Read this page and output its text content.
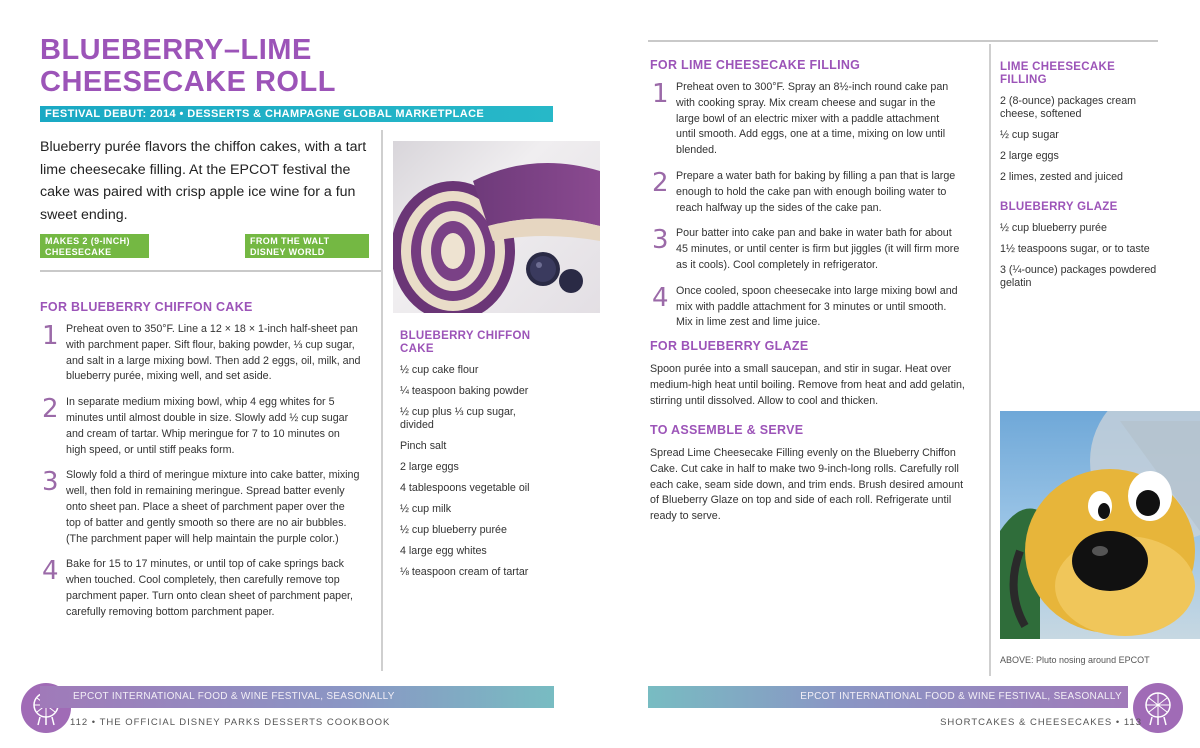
BLUEBERRY–LIME
CHEESECAKE ROLL
FESTIVAL DEBUT: 2014 • DESSERTS & CHAMPAGNE GLOBAL MARKETPLACE

Blueberry purée flavors the chiffon cakes, with a tart lime cheesecake filling. At the EPCOT festival the cake was paired with crisp apple ice wine for a fun sweet ending.

MAKES 2 (9-INCH)
CHEESECAKE ROLLS
FROM THE WALT
DISNEY WORLD RESORT
FOR BLUEBERRY CHIFFON CAKE
1 Preheat oven to 350°F. Line a 12 × 18 × 1-inch half-sheet pan with parchment paper. Sift flour, baking powder, ⅓ cup sugar, and salt in a large mixing bowl. Then add 2 eggs, oil, milk, and blueberry purée, mixing well, and set aside.
2 In separate medium mixing bowl, whip 4 egg whites for 5 minutes until almost double in size. Slowly add ½ cup sugar and cream of tartar. Whip meringue for 7 to 10 minutes on high speed, or until stiff peaks form.
3 Slowly fold a third of meringue mixture into cake batter, mixing well, then fold in remaining meringue. Spread batter evenly onto sheet pan. Place a sheet of parchment paper over the top of batter and gently smooth so there are no air bubbles. (The parchment paper will help maintain the purple color.)
4 Bake for 15 to 17 minutes, or until top of cake springs back when touched. Cool completely, then carefully remove top parchment paper. Turn onto clean sheet of parchment paper, carefully removing bottom parchment paper.
BLUEBERRY CHIFFON CAKE
½ cup cake flour
¼ teaspoon baking powder
½ cup plus ⅓ cup sugar, divided
Pinch salt
2 large eggs
4 tablespoons vegetable oil
½ cup milk
½ cup blueberry purée
4 large egg whites
⅛ teaspoon cream of tartar
EPCOT INTERNATIONAL FOOD & WINE FESTIVAL, SEASONALLY
112 • THE OFFICIAL DISNEY PARKS DESSERTS COOKBOOK
FOR LIME CHEESECAKE FILLING
1 Preheat oven to 300°F. Spray an 8½-inch round cake pan with cooking spray. Mix cream cheese and sugar in the large bowl of an electric mixer with a paddle attachment until smooth. Add eggs, one at a time, mixing on low until blended.
2 Prepare a water bath for baking by filling a pan that is large enough to hold the cake pan with enough boiling water to reach halfway up the sides of the cake pan.
3 Pour batter into cake pan and bake in water bath for about 45 minutes, or until center is firm but jiggles (it will firm more as it cools). Cool completely in refrigerator.
4 Once cooled, spoon cheesecake into large mixing bowl and mix with paddle attachment for 3 minutes or until smooth. Mix in lime zest and lime juice.
FOR BLUEBERRY GLAZE

Spoon purée into a small saucepan, and stir in sugar. Heat over medium-high heat until boiling. Remove from heat and add gelatin, stirring until dissolved. Allow to cool and thicken.

TO ASSEMBLE & SERVE

Spread Lime Cheesecake Filling evenly on the Blueberry Chiffon Cake. Cut cake in half to make two 9-inch-long rolls. Carefully roll each cake, seam side down, and trim ends. Brush desired amount of Blueberry Glaze on top and side of each roll. Refrigerate until ready to serve.

LIME CHEESECAKE FILLING
2 (8-ounce) packages cream cheese, softened
½ cup sugar
2 large eggs
2 limes, zested and juiced
BLUEBERRY GLAZE
½ cup blueberry purée
1½ teaspoons sugar, or to taste
3 (¼-ounce) packages powdered gelatin
ABOVE: Pluto nosing around EPCOT
EPCOT INTERNATIONAL FOOD & WINE FESTIVAL, SEASONALLY
SHORTCAKES & CHEESECAKES • 113
